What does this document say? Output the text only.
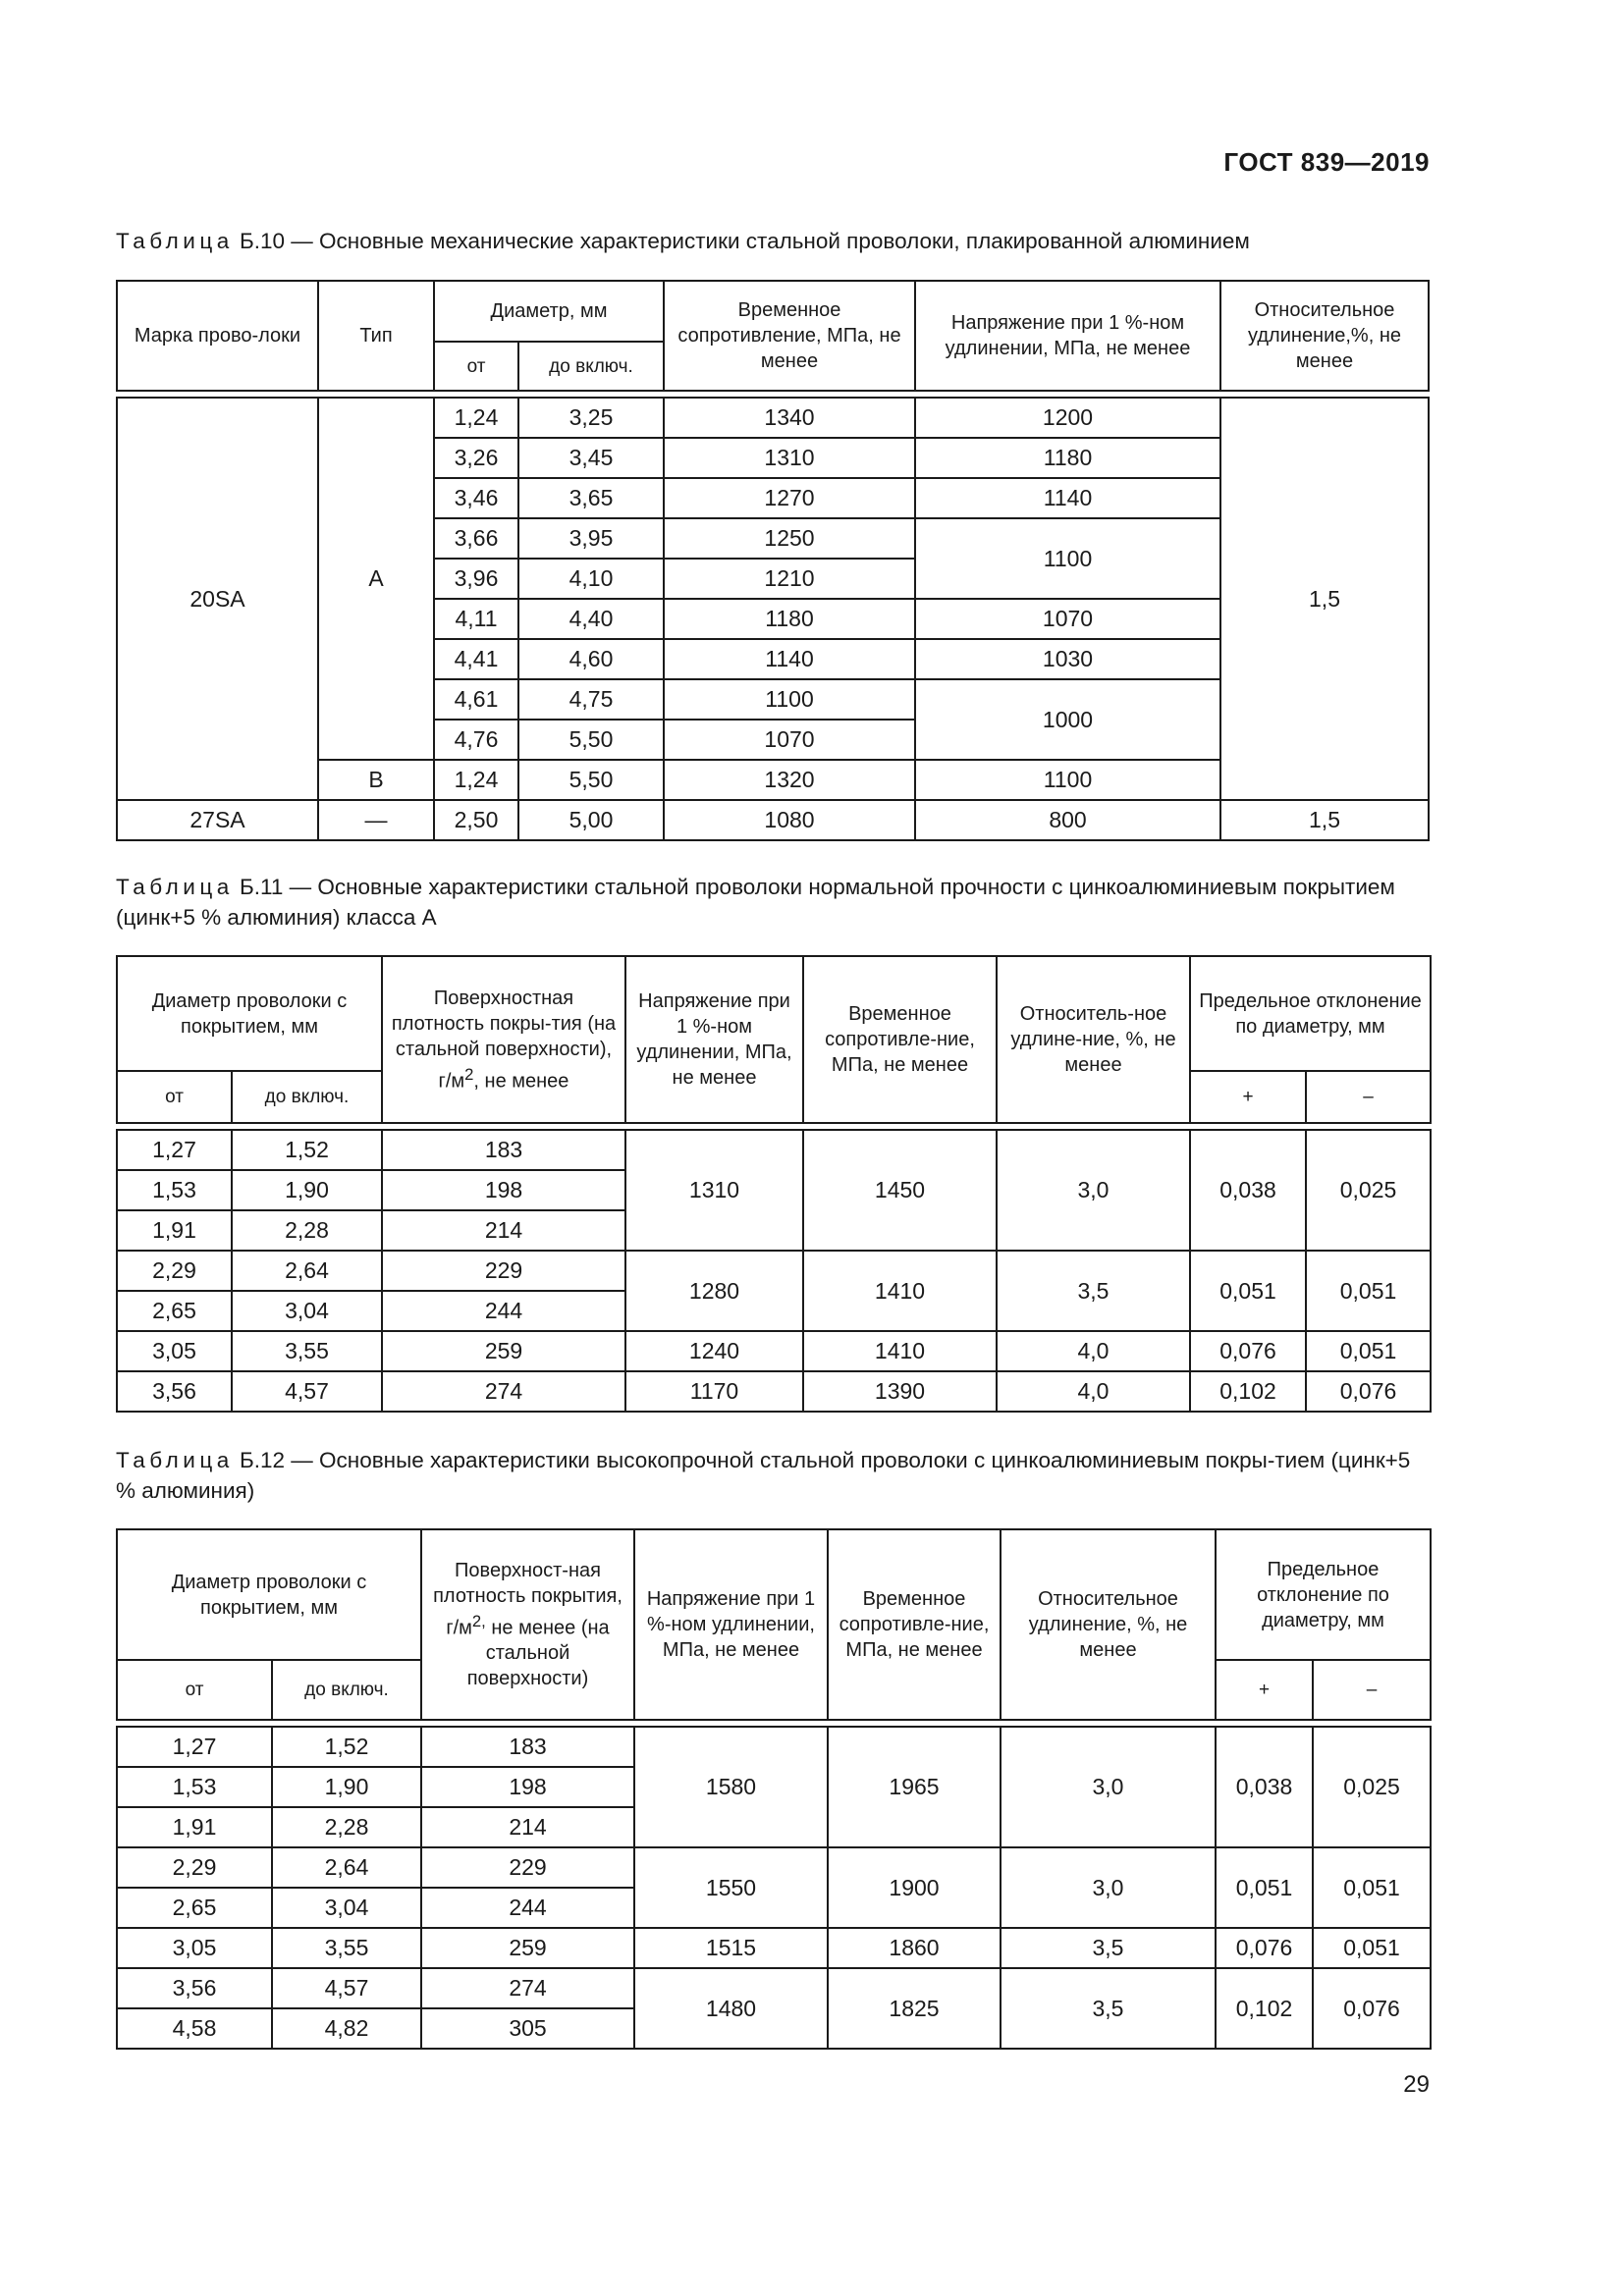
ГОСТ 839—2019
Таблица Б.10 — Основные механические характеристики стальной проволоки, плакированной алюминием
Марка прово-локи	Тип	Диаметр, мм		Временное сопротивление, МПа, не менее	Напряжение при 1 %-ном удлинении, МПа, не менее	Относительное удлинение,%, не менее
		от	до включ.			

20SA	A	1,24	3,25	1340	1200	1,5
		3,26	3,45	1310	1180	
		3,46	3,65	1270	1140	
		3,66	3,95	1250	1100	
		3,96	4,10	1210		
		4,11	4,40	1180	1070	
		4,41	4,60	1140	1030	
		4,61	4,75	1100	1000	
		4,76	5,50	1070		
	B	1,24	5,50	1320	1100	
27SA	—	2,50	5,00	1080	800	1,5
Таблица Б.11 — Основные характеристики стальной проволоки нормальной прочности с цинкоалюминиевым покрытием (цинк+5 % алюминия) класса A
Диаметр проволоки с покрытием, мм		Поверхностная плотность покры-тия (на стальной поверхности), $г/м^2$, не менее	Напряжение при 1 %-ном удлинении, МПа, не менее	Временное сопротивле-ние, МПа, не менее	Относитель-ное удлине-ние, %, не менее	Предельное отклонение по диаметру, мм	
от	до включ.					+	–

1,27	1,52	183	1310	1450	3,0	0,038	0,025
1,53	1,90	198					
1,91	2,28	214					
2,29	2,64	229	1280	1410	3,5	0,051	0,051
2,65	3,04	244					
3,05	3,55	259	1240	1410	4,0	0,076	0,051
3,56	4,57	274	1170	1390	4,0	0,102	0,076
Таблица Б.12 — Основные характеристики высокопрочной стальной проволоки с цинкоалюминиевым покры-тием (цинк+5 % алюминия)
Диаметр проволоки с покрытием, мм		Поверхност-ная плотность покрытия, $г/м^{2,}$ не менее (на стальной поверхности)	Напряжение при 1 %-ном удлинении, МПа, не менее	Временное сопротивле-ние, МПа, не менее	Относительное удлинение, %, не менее	Предельное отклонение по диаметру, мм	
от	до включ.					+	–

1,27	1,52	183	1580	1965	3,0	0,038	0,025
1,53	1,90	198					
1,91	2,28	214					
2,29	2,64	229	1550	1900	3,0	0,051	0,051
2,65	3,04	244					
3,05	3,55	259	1515	1860	3,5	0,076	0,051
3,56	4,57	274	1480	1825	3,5	0,102	0,076
4,58	4,82	305					
29
